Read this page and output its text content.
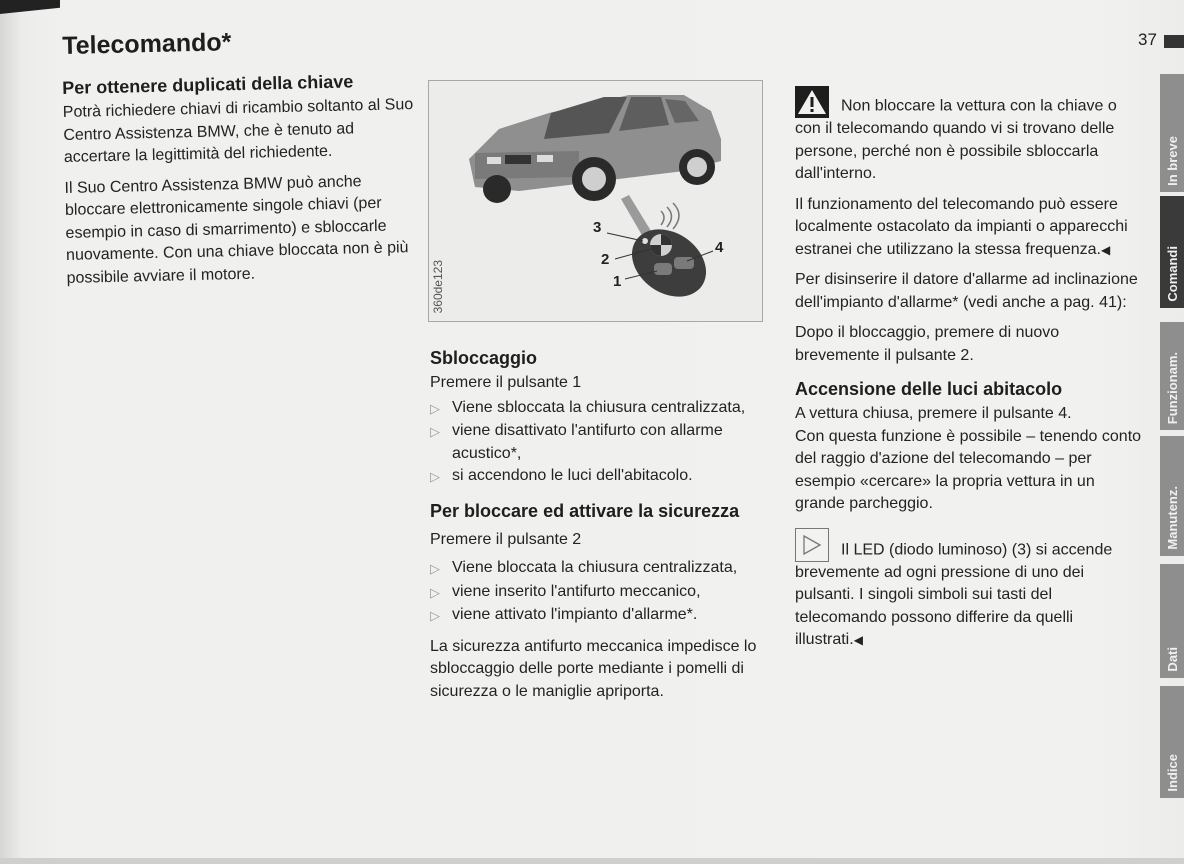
Telecomando*	37
Per ottenere duplicati della chiave

Potrà richiedere chiavi di ricambio soltanto al Suo Centro Assistenza BMW, che è tenuto ad accertare la legittimità del richiedente.

Il Suo Centro Assistenza BMW può anche bloccare elettronicamente singole chiavi (per esempio in caso di smarrimento) e sbloccarle nuovamente. Con una chiave bloccata non è più possibile avviare il motore.

3
2
1
4
360de123
Sbloccaggio

Premere il pulsante 1

▷ Viene sbloccata la chiusura centralizzata,
▷ viene disattivato l'antifurto con allarme acustico*,
▷ si accendono le luci dell'abitacolo.
Per bloccare ed attivare la sicurezza

Premere il pulsante 2

▷ Viene bloccata la chiusura centralizzata,
▷ viene inserito l'antifurto meccanico,
▷ viene attivato l'impianto d'allarme*.

La sicurezza antifurto meccanica impedisce lo sbloccaggio delle porte mediante i pomelli di sicurezza o le maniglie apriporta.

Non bloccare la vettura con la chiave o con il telecomando quando vi si trovano delle persone, perché non è possibile sbloccarla dall'interno.

Il funzionamento del telecomando può essere localmente ostacolato da impianti o apparecchi estranei che utilizzano la stessa frequenza.◀

Per disinserire il datore d'allarme ad inclinazione dell'impianto d'allarme* (vedi anche a pag. 41):

Dopo il bloccaggio, premere di nuovo brevemente il pulsante 2.

Accensione delle luci abitacolo

A vettura chiusa, premere il pulsante 4.

Con questa funzione è possibile – tenendo conto del raggio d'azione del telecomando – per esempio «cercare» la propria vettura in un grande parcheggio.

Il LED (diodo luminoso) (3) si accende brevemente ad ogni pressione di uno dei pulsanti. I singoli simboli sui tasti del telecomando possono differire da quelli illustrati.◀

In breve
Comandi
Funzionam.
Manutenz.
Dati
Indice
